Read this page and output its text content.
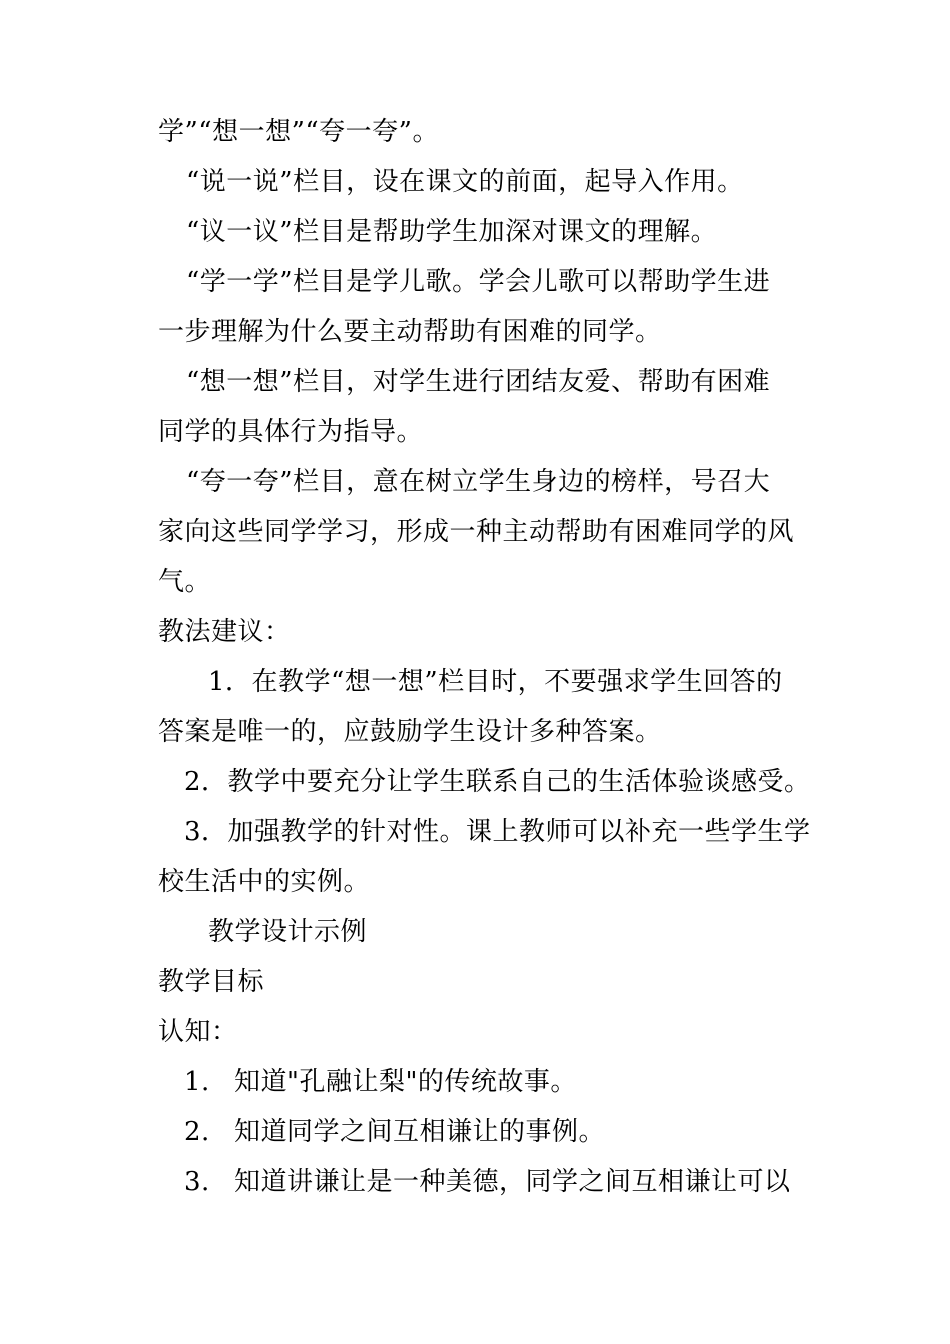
学”“想一想”“夸一夸”。
“说一说”栏目，设在课文的前面，起导入作用。
“议一议”栏目是帮助学生加深对课文的理解。
“学一学”栏目是学儿歌。学会儿歌可以帮助学生进
一步理解为什么要主动帮助有困难的同学。
“想一想”栏目，对学生进行团结友爱、帮助有困难
同学的具体行为指导。
“夸一夸”栏目，意在树立学生身边的榜样，号召大
家向这些同学学习，形成一种主动帮助有困难同学的风
气。
教法建议：
1．在教学“想一想”栏目时，不要强求学生回答的
答案是唯一的，应鼓励学生设计多种答案。
2．教学中要充分让学生联系自己的生活体验谈感受。
3．加强教学的针对性。课上教师可以补充一些学生学
校生活中的实例。
教学设计示例
教学目标
认知：
1. 知道"孔融让梨"的传统故事。
2. 知道同学之间互相谦让的事例。
3. 知道讲谦让是一种美德，同学之间互相谦让可以
